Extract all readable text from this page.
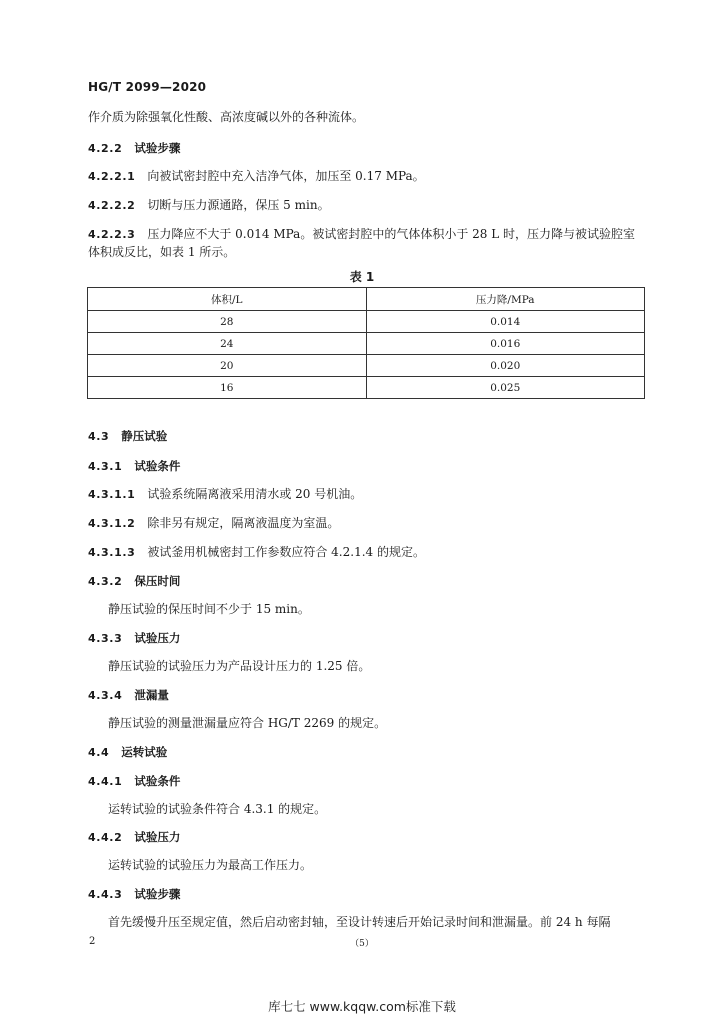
HG/T 2099—2020
作介质为除强氧化性酸、高浓度碱以外的各种流体。
4.2.2 试验步骤
4.2.2.1 向被试密封腔中充入洁净气体，加压至 0.17 MPa。
4.2.2.2 切断与压力源通路，保压 5 min。
4.2.2.3 压力降应不大于 0.014 MPa。被试密封腔中的气体体积小于 28 L 时，压力降与被试验腔室
体积成反比，如表 1 所示。
表 1
体积/L	压力降/MPa
28	0.014
24	0.016
20	0.020
16	0.025
4.3 静压试验
4.3.1 试验条件
4.3.1.1 试验系统隔离液采用清水或 20 号机油。
4.3.1.2 除非另有规定，隔离液温度为室温。
4.3.1.3 被试釜用机械密封工作参数应符合 4.2.1.4 的规定。
4.3.2 保压时间
静压试验的保压时间不少于 15 min。
4.3.3 试验压力
静压试验的试验压力为产品设计压力的 1.25 倍。
4.3.4 泄漏量
静压试验的测量泄漏量应符合 HG/T 2269 的规定。
4.4 运转试验
4.4.1 试验条件
运转试验的试验条件符合 4.3.1 的规定。
4.4.2 试验压力
运转试验的试验压力为最高工作压力。
4.4.3 试验步骤
首先缓慢升压至规定值，然后启动密封轴，至设计转速后开始记录时间和泄漏量。前 24 h 每隔
2	（5）
库七七 www.kqqw.com标准下载
